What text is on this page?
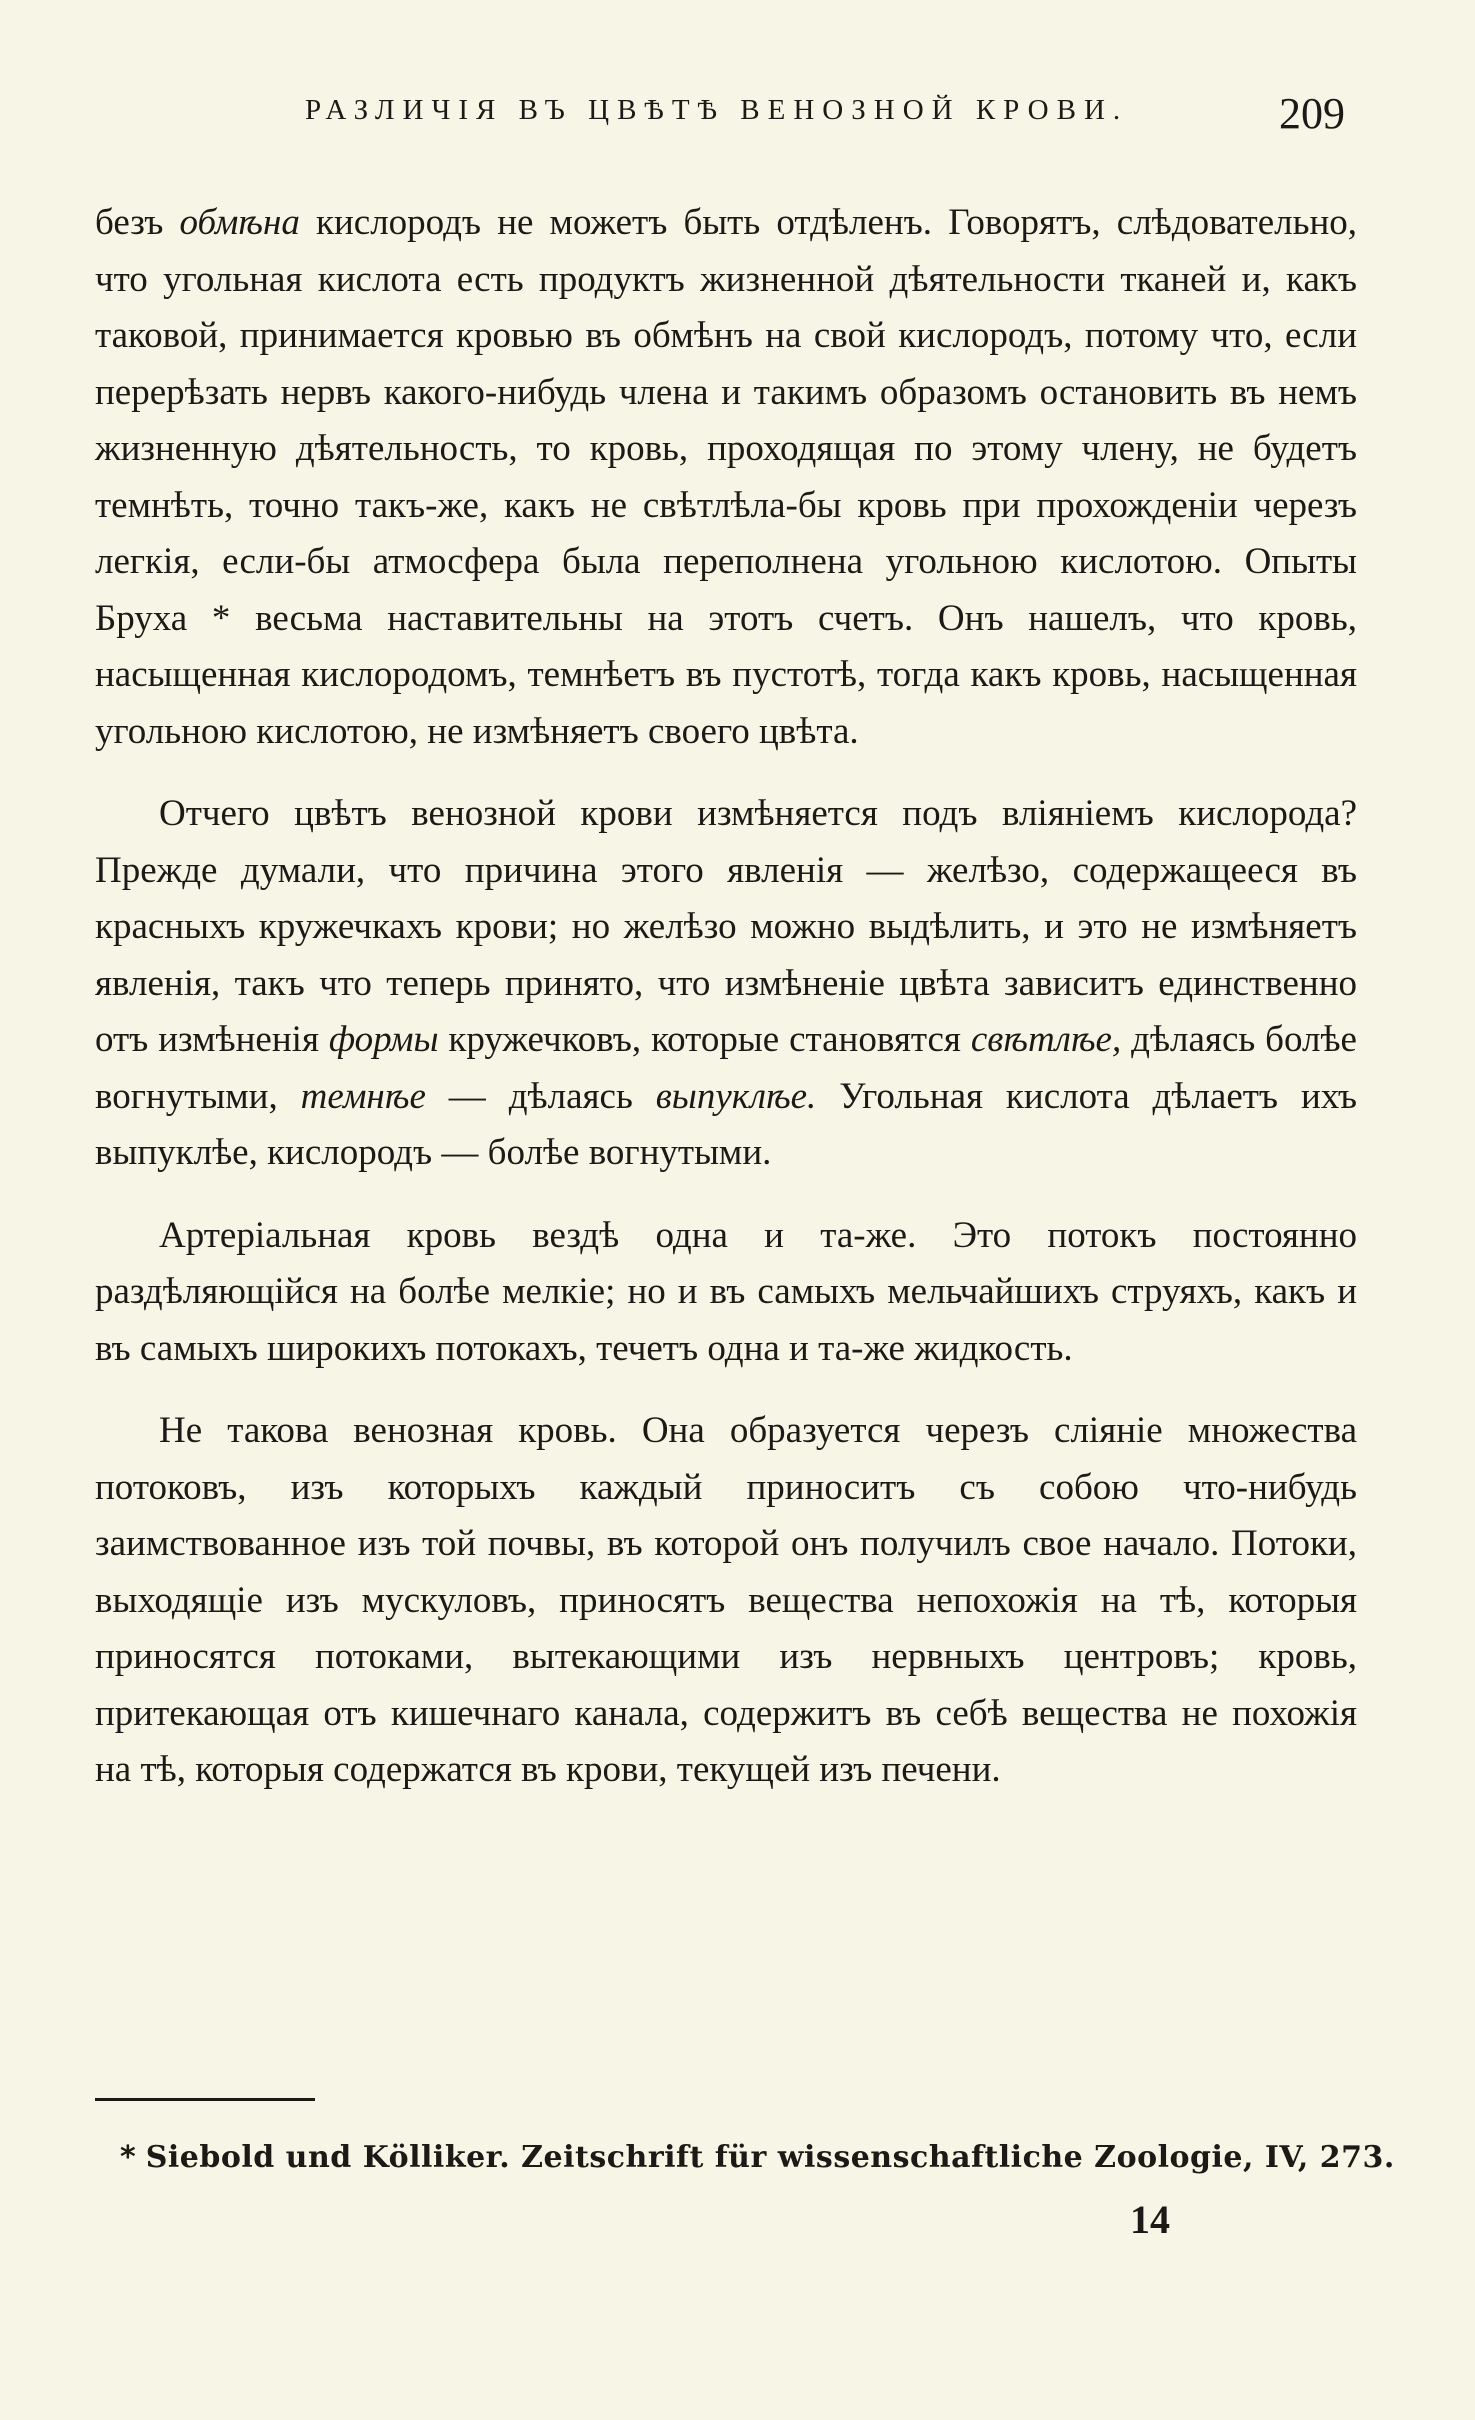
РАЗЛИЧІЯ ВЪ ЦВѢТѢ ВЕНОЗНОЙ КРОВИ.	209

безъ обмѣна кислородъ не можетъ быть отдѣленъ. Говорятъ, слѣдовательно, что угольная кислота есть продуктъ жизненной дѣятельности тканей и, какъ таковой, принимается кровью въ обмѣнъ на свой кислородъ, потому что, если перерѣзать нервъ какого-нибудь члена и такимъ образомъ остановить въ немъ жизненную дѣятельность, то кровь, проходящая по этому члену, не будетъ темнѣть, точно такъ-же, какъ не свѣтлѣла-бы кровь при прохожденіи черезъ легкія, если-бы атмосфера была переполнена угольною кислотою. Опыты Бруха * весьма наставительны на этотъ счетъ. Онъ нашелъ, что кровь, насыщенная кислородомъ, темнѣетъ въ пустотѣ, тогда какъ кровь, насыщенная угольною кислотою, не измѣняетъ своего цвѣта.

Отчего цвѣтъ венозной крови измѣняется подъ вліяніемъ кислорода? Прежде думали, что причина этого явленія — желѣзо, содержащееся въ красныхъ кружечкахъ крови; но желѣзо можно выдѣлить, и это не измѣняетъ явленія, такъ что теперь принято, что измѣненіе цвѣта зависитъ единственно отъ измѣненія формы кружечковъ, которые становятся свѣтлѣе, дѣлаясь болѣе вогнутыми, темнѣе — дѣлаясь выпуклѣе. Угольная кислота дѣлаетъ ихъ выпуклѣе, кислородъ — болѣе вогнутыми.

Артеріальная кровь вездѣ одна и та-же. Это потокъ постоянно раздѣляющійся на болѣе мелкіе; но и въ самыхъ мельчайшихъ струяхъ, какъ и въ самыхъ широкихъ потокахъ, течетъ одна и та-же жидкость.

Не такова венозная кровь. Она образуется черезъ сліяніе множества потоковъ, изъ которыхъ каждый приноситъ съ собою что-нибудь заимствованное изъ той почвы, въ которой онъ получилъ свое начало. Потоки, выходящіе изъ мускуловъ, приносятъ вещества непохожія на тѣ, которыя приносятся потоками, вытекающими изъ нервныхъ центровъ; кровь, притекающая отъ кишечнаго канала, содержитъ въ себѣ вещества не похожія на тѣ, которыя содержатся въ крови, текущей изъ печени.

* Siebold und Kölliker. Zeitschrift für wissenschaftliche Zoologie, IV, 273.
14
